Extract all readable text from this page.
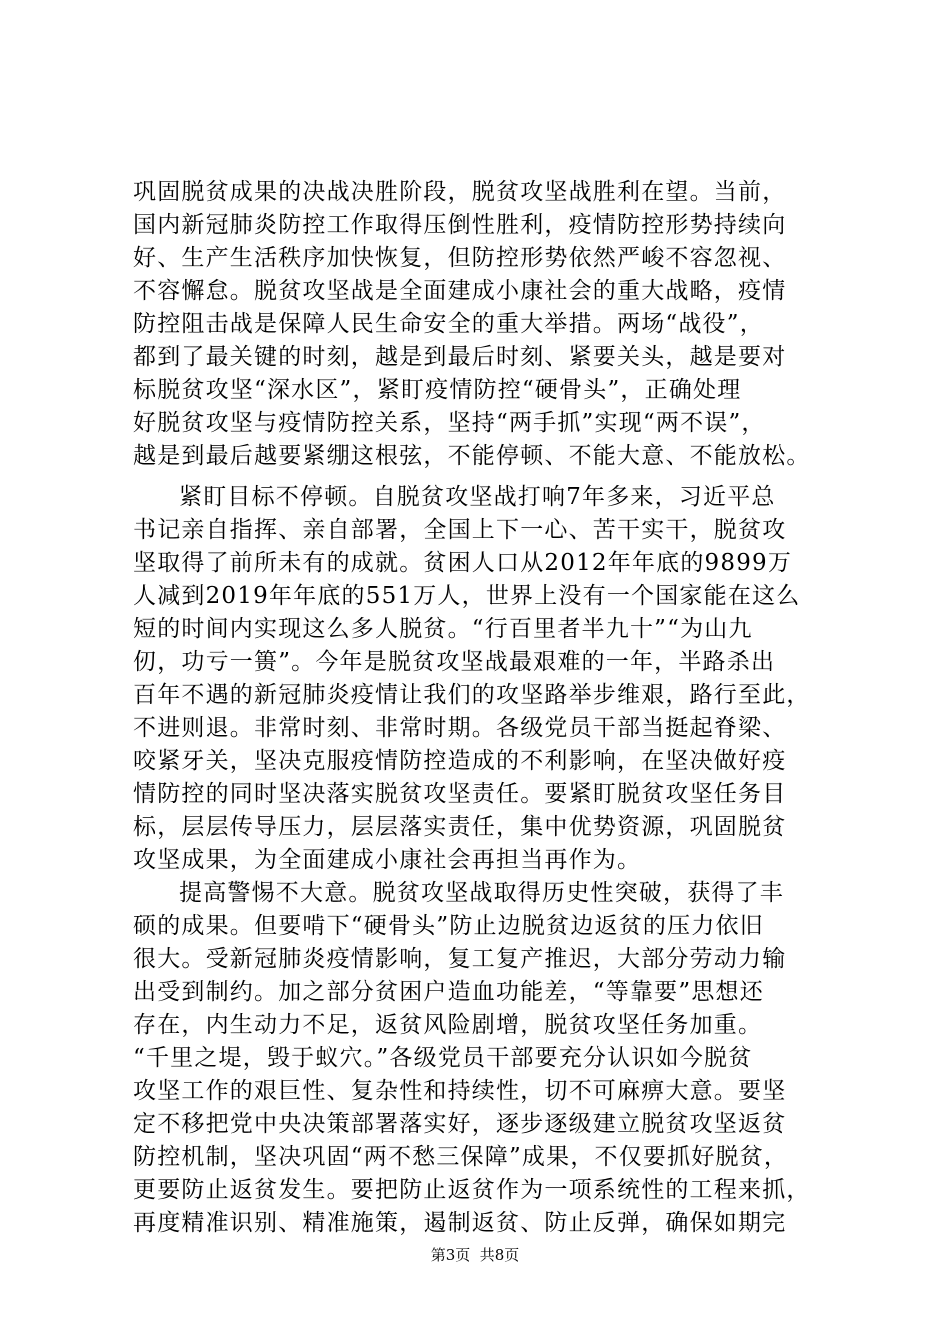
巩固脱贫成果的决战决胜阶段，脱贫攻坚战胜利在望。当前，
国内新冠肺炎防控工作取得压倒性胜利，疫情防控形势持续向
好、生产生活秩序加快恢复，但防控形势依然严峻不容忽视、
不容懈怠。脱贫攻坚战是全面建成小康社会的重大战略，疫情
防控阻击战是保障人民生命安全的重大举措。两场“战役”，
都到了最关键的时刻，越是到最后时刻、紧要关头，越是要对
标脱贫攻坚“深水区”，紧盯疫情防控“硬骨头”，正确处理
好脱贫攻坚与疫情防控关系，坚持“两手抓”实现“两不误”，
越是到最后越要紧绷这根弦，不能停顿、不能大意、不能放松。
紧盯目标不停顿。自脱贫攻坚战打响7年多来，习近平总
书记亲自指挥、亲自部署，全国上下一心、苦干实干，脱贫攻
坚取得了前所未有的成就。贫困人口从2012年年底的9899万
人减到2019年年底的551万人，世界上没有一个国家能在这么
短的时间内实现这么多人脱贫。“行百里者半九十”“为山九
仞，功亏一篑”。今年是脱贫攻坚战最艰难的一年，半路杀出
百年不遇的新冠肺炎疫情让我们的攻坚路举步维艰，路行至此，
不进则退。非常时刻、非常时期。各级党员干部当挺起脊梁、
咬紧牙关，坚决克服疫情防控造成的不利影响，在坚决做好疫
情防控的同时坚决落实脱贫攻坚责任。要紧盯脱贫攻坚任务目
标，层层传导压力，层层落实责任，集中优势资源，巩固脱贫
攻坚成果，为全面建成小康社会再担当再作为。
提高警惕不大意。脱贫攻坚战取得历史性突破，获得了丰
硕的成果。但要啃下“硬骨头”防止边脱贫边返贫的压力依旧
很大。受新冠肺炎疫情影响，复工复产推迟，大部分劳动力输
出受到制约。加之部分贫困户造血功能差，“等靠要”思想还
存在，内生动力不足，返贫风险剧增，脱贫攻坚任务加重。
“千里之堤，毁于蚁穴。”各级党员干部要充分认识如今脱贫
攻坚工作的艰巨性、复杂性和持续性，切不可麻痹大意。要坚
定不移把党中央决策部署落实好，逐步逐级建立脱贫攻坚返贫
防控机制，坚决巩固“两不愁三保障”成果，不仅要抓好脱贫，
更要防止返贫发生。要把防止返贫作为一项系统性的工程来抓，
再度精准识别、精准施策，遏制返贫、防止反弹，确保如期完
第3页  共8页
